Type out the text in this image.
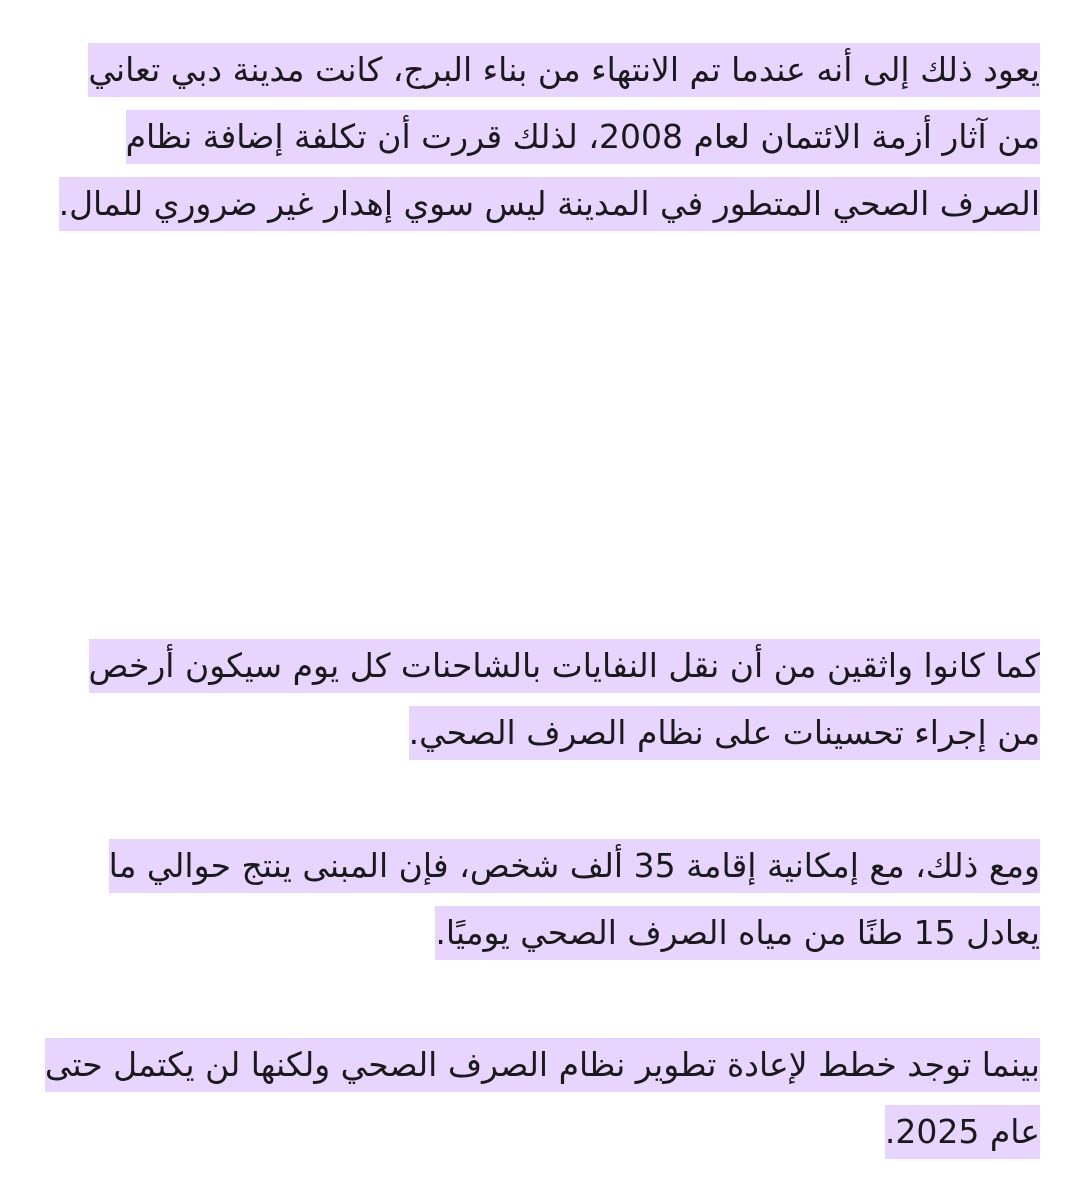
يعود ذلك إلى أنه عندما تم الانتهاء من بناء البرج، كانت مدينة دبي تعاني من آثار أزمة الائتمان لعام 2008، لذلك قررت أن تكلفة إضافة نظام الصرف الصحي المتطور في المدينة ليس سوي إهدار غير ضروري للمال.

كما كانوا واثقين من أن نقل النفايات بالشاحنات كل يوم سيكون أرخص من إجراء تحسينات على نظام الصرف الصحي.

ومع ذلك، مع إمكانية إقامة 35 ألف شخص، فإن المبنى ينتج حوالي ما يعادل 15 طنًا من مياه الصرف الصحي يوميًا.

بينما توجد خطط لإعادة تطوير نظام الصرف الصحي ولكنها لن يكتمل حتى عام 2025.
